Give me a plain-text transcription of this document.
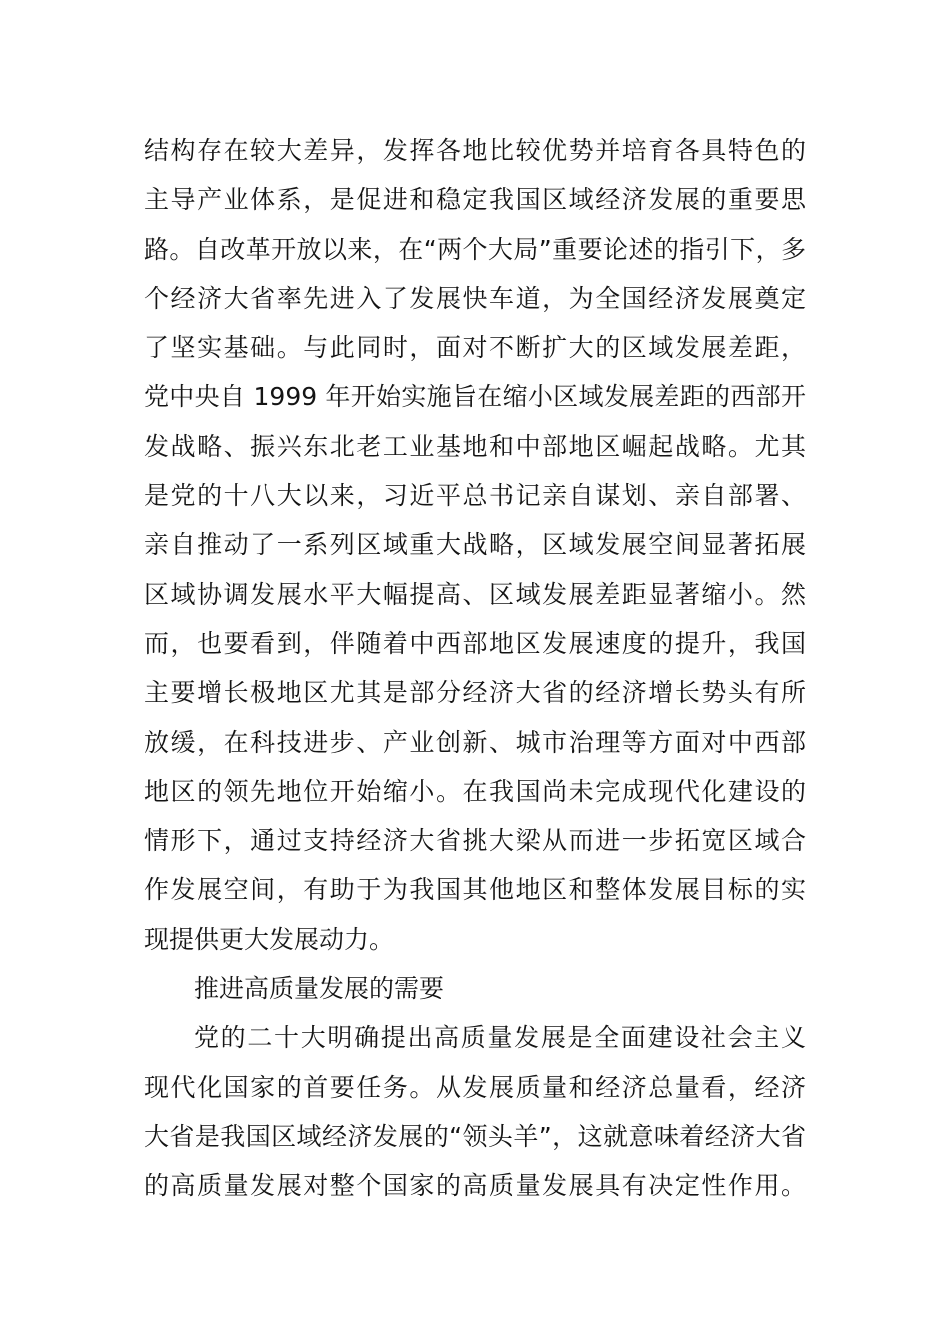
结构存在较大差异，发挥各地比较优势并培育各具特色的
主导产业体系，是促进和稳定我国区域经济发展的重要思
路。自改革开放以来，在“两个大局”重要论述的指引下，多
个经济大省率先进入了发展快车道，为全国经济发展奠定
了坚实基础。与此同时，面对不断扩大的区域发展差距，
党中央自 1999 年开始实施旨在缩小区域发展差距的西部开
发战略、振兴东北老工业基地和中部地区崛起战略。尤其
是党的十八大以来，习近平总书记亲自谋划、亲自部署、
亲自推动了一系列区域重大战略，区域发展空间显著拓展
区域协调发展水平大幅提高、区域发展差距显著缩小。然
而，也要看到，伴随着中西部地区发展速度的提升，我国
主要增长极地区尤其是部分经济大省的经济增长势头有所
放缓，在科技进步、产业创新、城市治理等方面对中西部
地区的领先地位开始缩小。在我国尚未完成现代化建设的
情形下，通过支持经济大省挑大梁从而进一步拓宽区域合
作发展空间，有助于为我国其他地区和整体发展目标的实
现提供更大发展动力。
推进高质量发展的需要
党的二十大明确提出高质量发展是全面建设社会主义
现代化国家的首要任务。从发展质量和经济总量看，经济
大省是我国区域经济发展的“领头羊”，这就意味着经济大省
的高质量发展对整个国家的高质量发展具有决定性作用。
